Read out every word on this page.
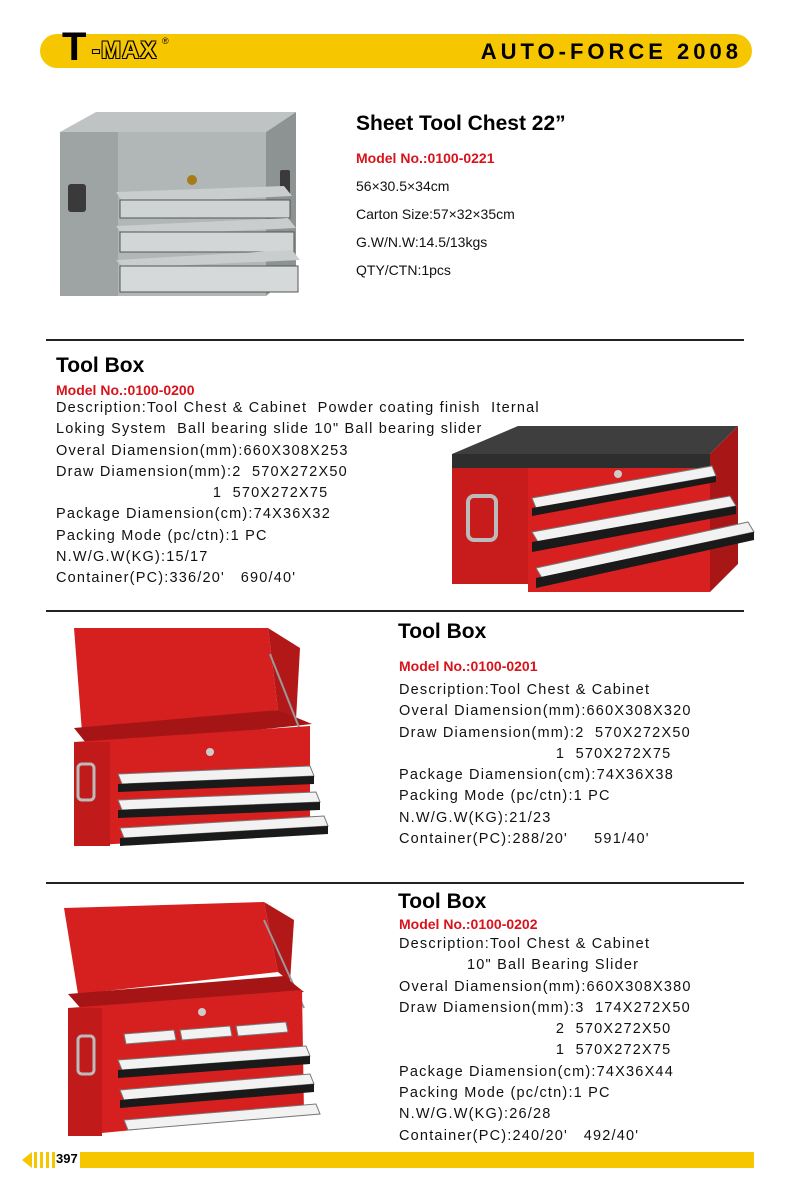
T -MAX ®	AUTO-FORCE 2008
Sheet Tool Chest 22”
Model No.:0100-0221
56×30.5×34cm
Carton Size:57×32×35cm
G.W/N.W:14.5/13kgs
QTY/CTN:1pcs
Tool Box
Model No.:0100-0200
Description:Tool Chest & Cabinet  Powder coating finish  Iternal
Loking System  Ball bearing slide 10" Ball bearing slider
Overal Diamension(mm):660X308X253
Draw Diamension(mm):2  570X272X50
1  570X272X75
Package Diamension(cm):74X36X32
Packing Mode (pc/ctn):1 PC
N.W/G.W(KG):15/17
Container(PC):336/20'   690/40'
Tool Box
Model No.:0100-0201
Description:Tool Chest & Cabinet
Overal Diamension(mm):660X308X320
Draw Diamension(mm):2  570X272X50
1  570X272X75
Package Diamension(cm):74X36X38
Packing Mode (pc/ctn):1 PC
N.W/G.W(KG):21/23
Container(PC):288/20'     591/40'
Tool Box
Model No.:0100-0202
Description:Tool Chest & Cabinet
10" Ball Bearing Slider
Overal Diamension(mm):660X308X380
Draw Diamension(mm):3  174X272X50
2  570X272X50
1  570X272X75
Package Diamension(cm):74X36X44
Packing Mode (pc/ctn):1 PC
N.W/G.W(KG):26/28
Container(PC):240/20'   492/40'
397
